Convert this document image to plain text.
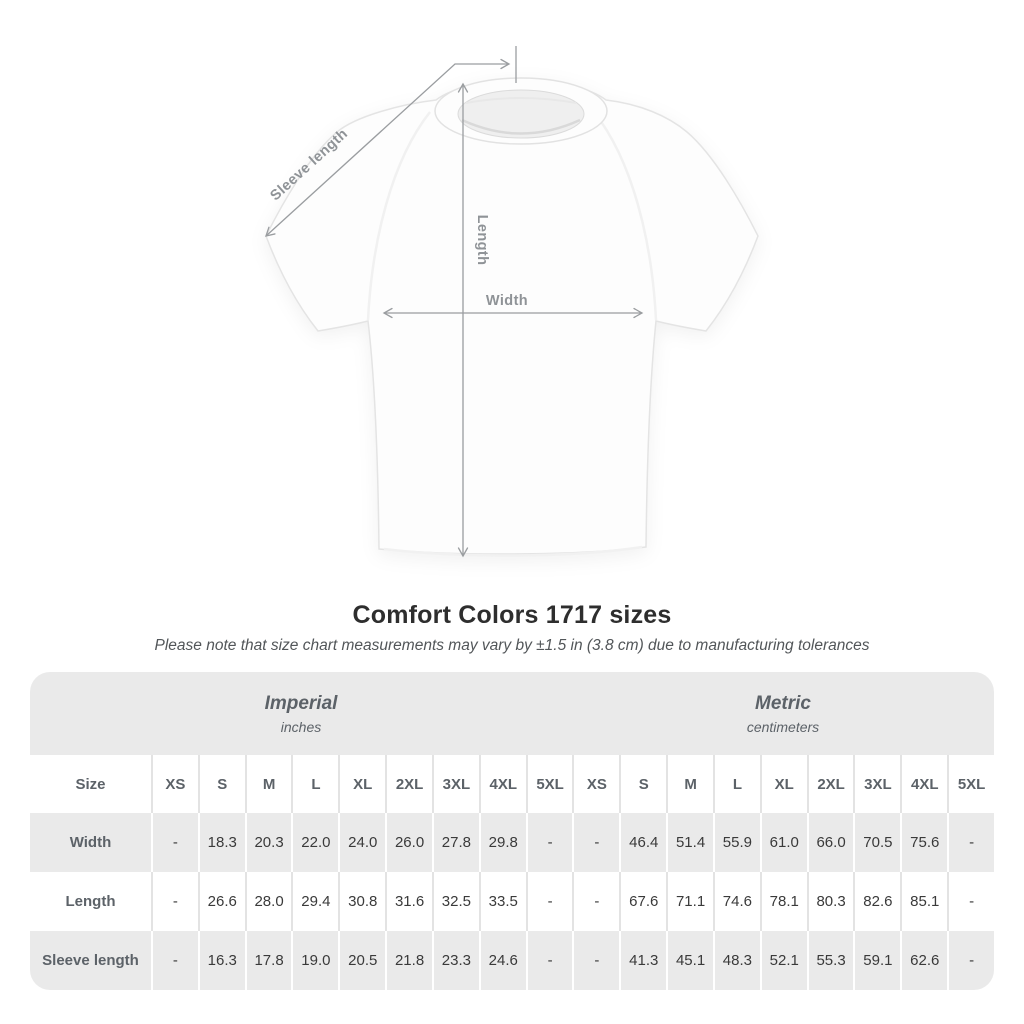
Sleeve length
Length
Width
Comfort Colors 1717 sizes

Please note that size chart measurements may vary by ±1.5 in (3.8 cm) due to manufacturing tolerances

Imperial
inches
Metric
centimeters
Size	XS	S	M	L	XL	2XL	3XL	4XL	5XL	XS	S	M	L	XL	2XL	3XL	4XL	5XL
Width	-	18.3	20.3	22.0	24.0	26.0	27.8	29.8	-	-	46.4	51.4	55.9	61.0	66.0	70.5	75.6	-
Length	-	26.6	28.0	29.4	30.8	31.6	32.5	33.5	-	-	67.6	71.1	74.6	78.1	80.3	82.6	85.1	-
Sleeve length	-	16.3	17.8	19.0	20.5	21.8	23.3	24.6	-	-	41.3	45.1	48.3	52.1	55.3	59.1	62.6	-
